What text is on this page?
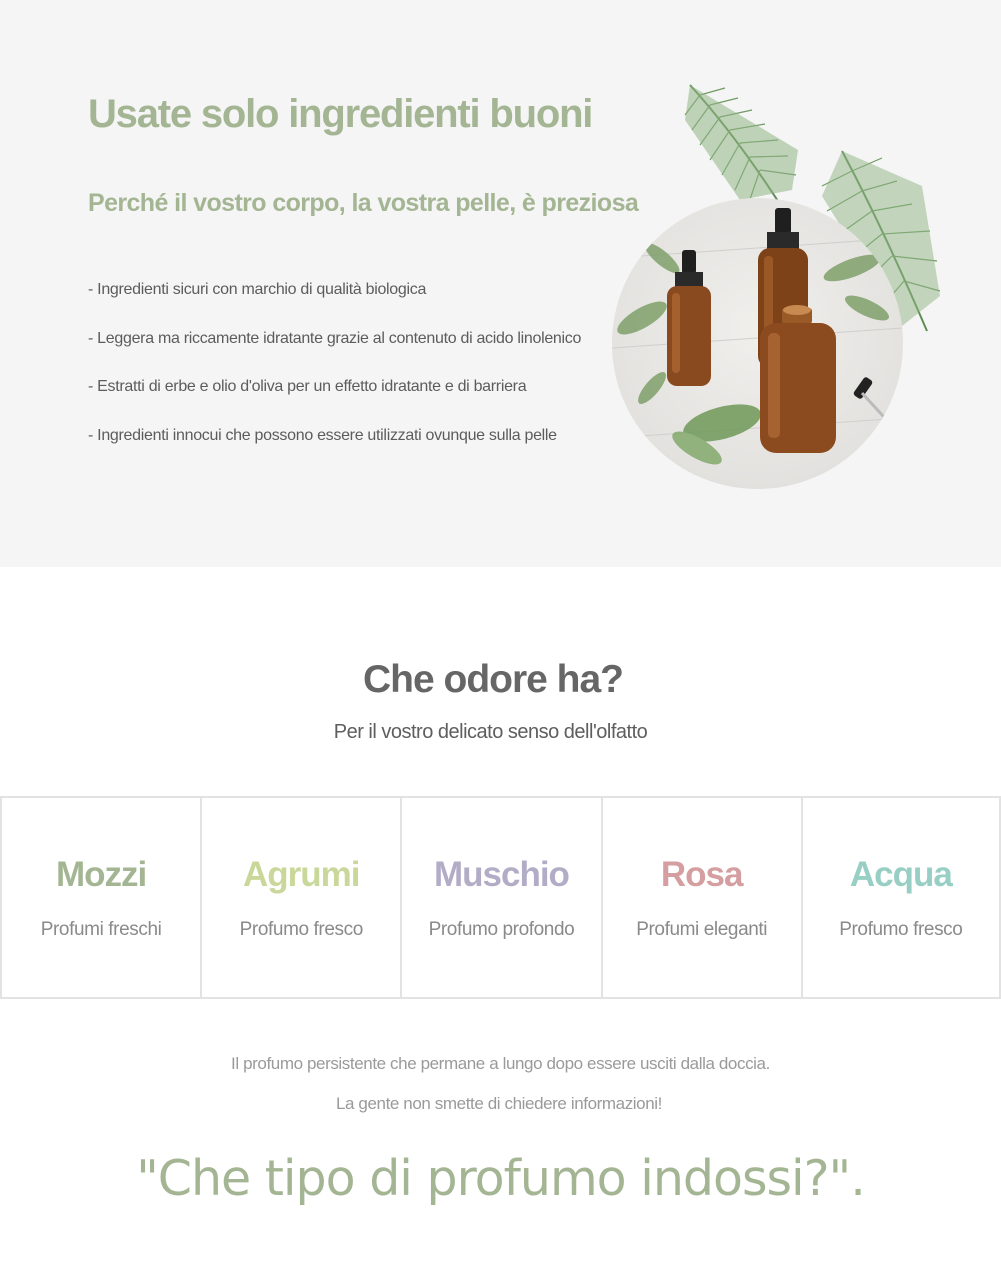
Usate solo ingredienti buoni
Perché il vostro corpo, la vostra pelle, è preziosa
- Ingredienti sicuri con marchio di qualità biologica
- Leggera ma riccamente idratante grazie al contenuto di acido linolenico
- Estratti di erbe e olio d'oliva per un effetto idratante e di barriera
- Ingredienti innocui che possono essere utilizzati ovunque sulla pelle
Che odore ha?

Per il vostro delicato senso dell'olfatto

Mozzi
Profumi freschi
Agrumi
Profumo fresco
Muschio
Profumo profondo
Rosa
Profumi eleganti
Acqua
Profumo fresco

Il profumo persistente che permane a lungo dopo essere usciti dalla doccia.

La gente non smette di chiedere informazioni!

"Che tipo di profumo indossi?".
